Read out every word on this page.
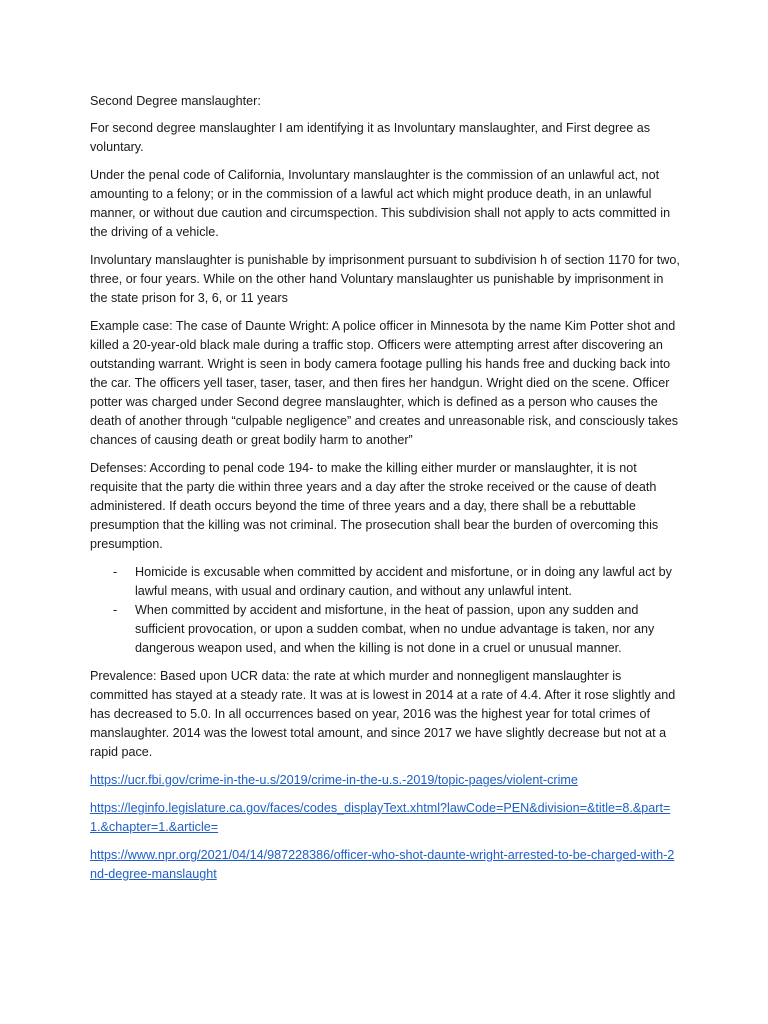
Second Degree manslaughter:

For second degree manslaughter I am identifying it as Involuntary manslaughter, and First degree as voluntary.

Under the penal code of California, Involuntary manslaughter is the commission of an unlawful act, not amounting to a felony; or in the commission of a lawful act which might produce death, in an unlawful manner, or without due caution and circumspection. This subdivision shall not apply to acts committed in the driving of a vehicle.

Involuntary manslaughter is punishable by imprisonment pursuant to subdivision h of section 1170 for two, three, or four years. While on the other hand Voluntary manslaughter us punishable by imprisonment in the state prison for 3, 6, or 11 years

Example case: The case of Daunte Wright: A police officer in Minnesota by the name Kim Potter shot and killed a 20-year-old black male during a traffic stop. Officers were attempting arrest after discovering an outstanding warrant. Wright is seen in body camera footage pulling his hands free and ducking back into the car. The officers yell taser, taser, taser, and then fires her handgun. Wright died on the scene. Officer potter was charged under Second degree manslaughter, which is defined as a person who causes the death of another through “culpable negligence” and creates and unreasonable risk, and consciously takes chances of causing death or great bodily harm to another”

Defenses: According to penal code 194- to make the killing either murder or manslaughter, it is not requisite that the party die within three years and a day after the stroke received or the cause of death administered. If death occurs beyond the time of three years and a day, there shall be a rebuttable presumption that the killing was not criminal. The prosecution shall bear the burden of overcoming this presumption.

- Homicide is excusable when committed by accident and misfortune, or in doing any lawful act by lawful means, with usual and ordinary caution, and without any unlawful intent.
- When committed by accident and misfortune, in the heat of passion, upon any sudden and sufficient provocation, or upon a sudden combat, when no undue advantage is taken, nor any dangerous weapon used, and when the killing is not done in a cruel or unusual manner.

Prevalence: Based upon UCR data: the rate at which murder and nonnegligent manslaughter is committed has stayed at a steady rate. It was at is lowest in 2014 at a rate of 4.4. After it rose slightly and has decreased to 5.0. In all occurrences based on year, 2016 was the highest year for total crimes of manslaughter. 2014 was the lowest total amount, and since 2017 we have slightly decrease but not at a rapid pace.

https://ucr.fbi.gov/crime-in-the-u.s/2019/crime-in-the-u.s.-2019/topic-pages/violent-crime

https://leginfo.legislature.ca.gov/faces/codes_displayText.xhtml?lawCode=PEN&division=&title=8.&part=1.&chapter=1.&article=

https://www.npr.org/2021/04/14/987228386/officer-who-shot-daunte-wright-arrested-to-be-charged-with-2nd-degree-manslaught
